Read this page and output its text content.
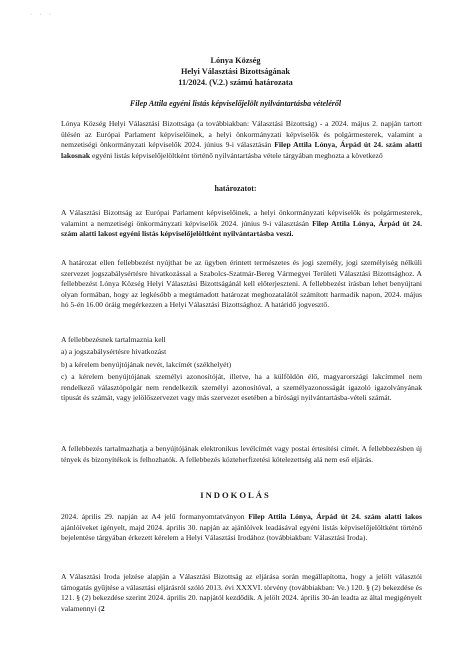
· · ·
Lónya Község
Helyi Választási Bizottságának
11/2024. (V.2.) számú határozata
Filep Attila egyéni listás képviselőjelölt nyilvántartásba vételéről
Lónya Község Helyi Választási Bizottsága (a továbbiakban: Választási Bizottság) - a 2024. május 2. napján tartott ülésén az Európai Parlament képviselőinek, a helyi önkormányzati képviselők és polgármesterek, valamint a nemzetiségi önkormányzati képviselők 2024. június 9-i választásán Filep Attila Lónya, Árpád út 24. szám alatti lakosnak egyéni listás képviselőjelöltként történő nyilvántartásba vétele tárgyában meghozta a következő
határozatot:
A Választási Bizottság az Európai Parlament képviselőinek, a helyi önkormányzati képviselők és polgármesterek, valamint a nemzetiségi önkormányzati képviselők 2024. június 9-i választásán Filep Attila Lónya, Árpád út 24. szám alatti lakost egyéni listás képviselőjelöltként nyilvántartásba veszi.
A határozat ellen fellebbezést nyújthat be az ügyben érintett természetes és jogi személy, jogi személyiség nélküli szervezet jogszabálysértésre hivatkozással a Szabolcs-Szatmár-Bereg Vármegyei Területi Választási Bizottsághoz. A fellebbezést Lónya Község Helyi Választási Bizottságánál kell előterjeszteni. A fellebbezést írásban lehet benyújtani olyan formában, hogy az legkésőbb a megtámadott határozat meghozatalától számított harmadik napon, 2024. május hó 5-én 16.00 óráig megérkezzen a Helyi Választási Bizottsághoz. A határidő jogvesztő.
A fellebbezésnek tartalmaznia kell
a) a jogszabálysértésre hivatkozást
b) a kérelem benyújtójának nevét, lakcímét (székhelyét)
c) a kérelem benyújtójának személyi azonosítóját, illetve, ha a külföldön élő, magyarországi lakcímmel nem rendelkező választópolgár nem rendelkezik személyi azonosítóval, a személyazonosságát igazoló igazolványának típusát és számát, vagy jelölőszervezet vagy más szervezet esetében a bírósági nyilvántartásba-vételi számát.
A fellebbezés tartalmazhatja a benyújtójának elektronikus levélcímét vagy postai értesítési címét. A fellebbezésben új tények és bizonyítékok is felhozhatók. A fellebbezés közteherfizetési kötelezettség alá nem eső eljárás.
INDOKOLÁS
2024. április 29. napján az A4 jelű formanyomtatványon Filep Attila Lónya, Árpád út 24. szám alatti lakos ajánlóíveket igényelt, majd 2024. április 30. napján az ajánlóívek leadásával egyéni listás képviselőjelöltként történő bejelentése tárgyában érkezett kérelem a Helyi Választási Irodához (továbbiakban: Választási Iroda).
A Választási Iroda jelzése alapján a Választási Bizottság az eljárása során megállapította, hogy a jelölt választói támogatás gyűjtése a választási eljárásról szóló 2013. évi XXXVI. törvény (továbbiakban: Ve.) 120. § (2) bekezdése és 121. § (2) bekezdése szerint 2024. április 20. napjától kezdődik. A jelölt 2024. április 30-án leadta az által megigényelt valamennyi (2
